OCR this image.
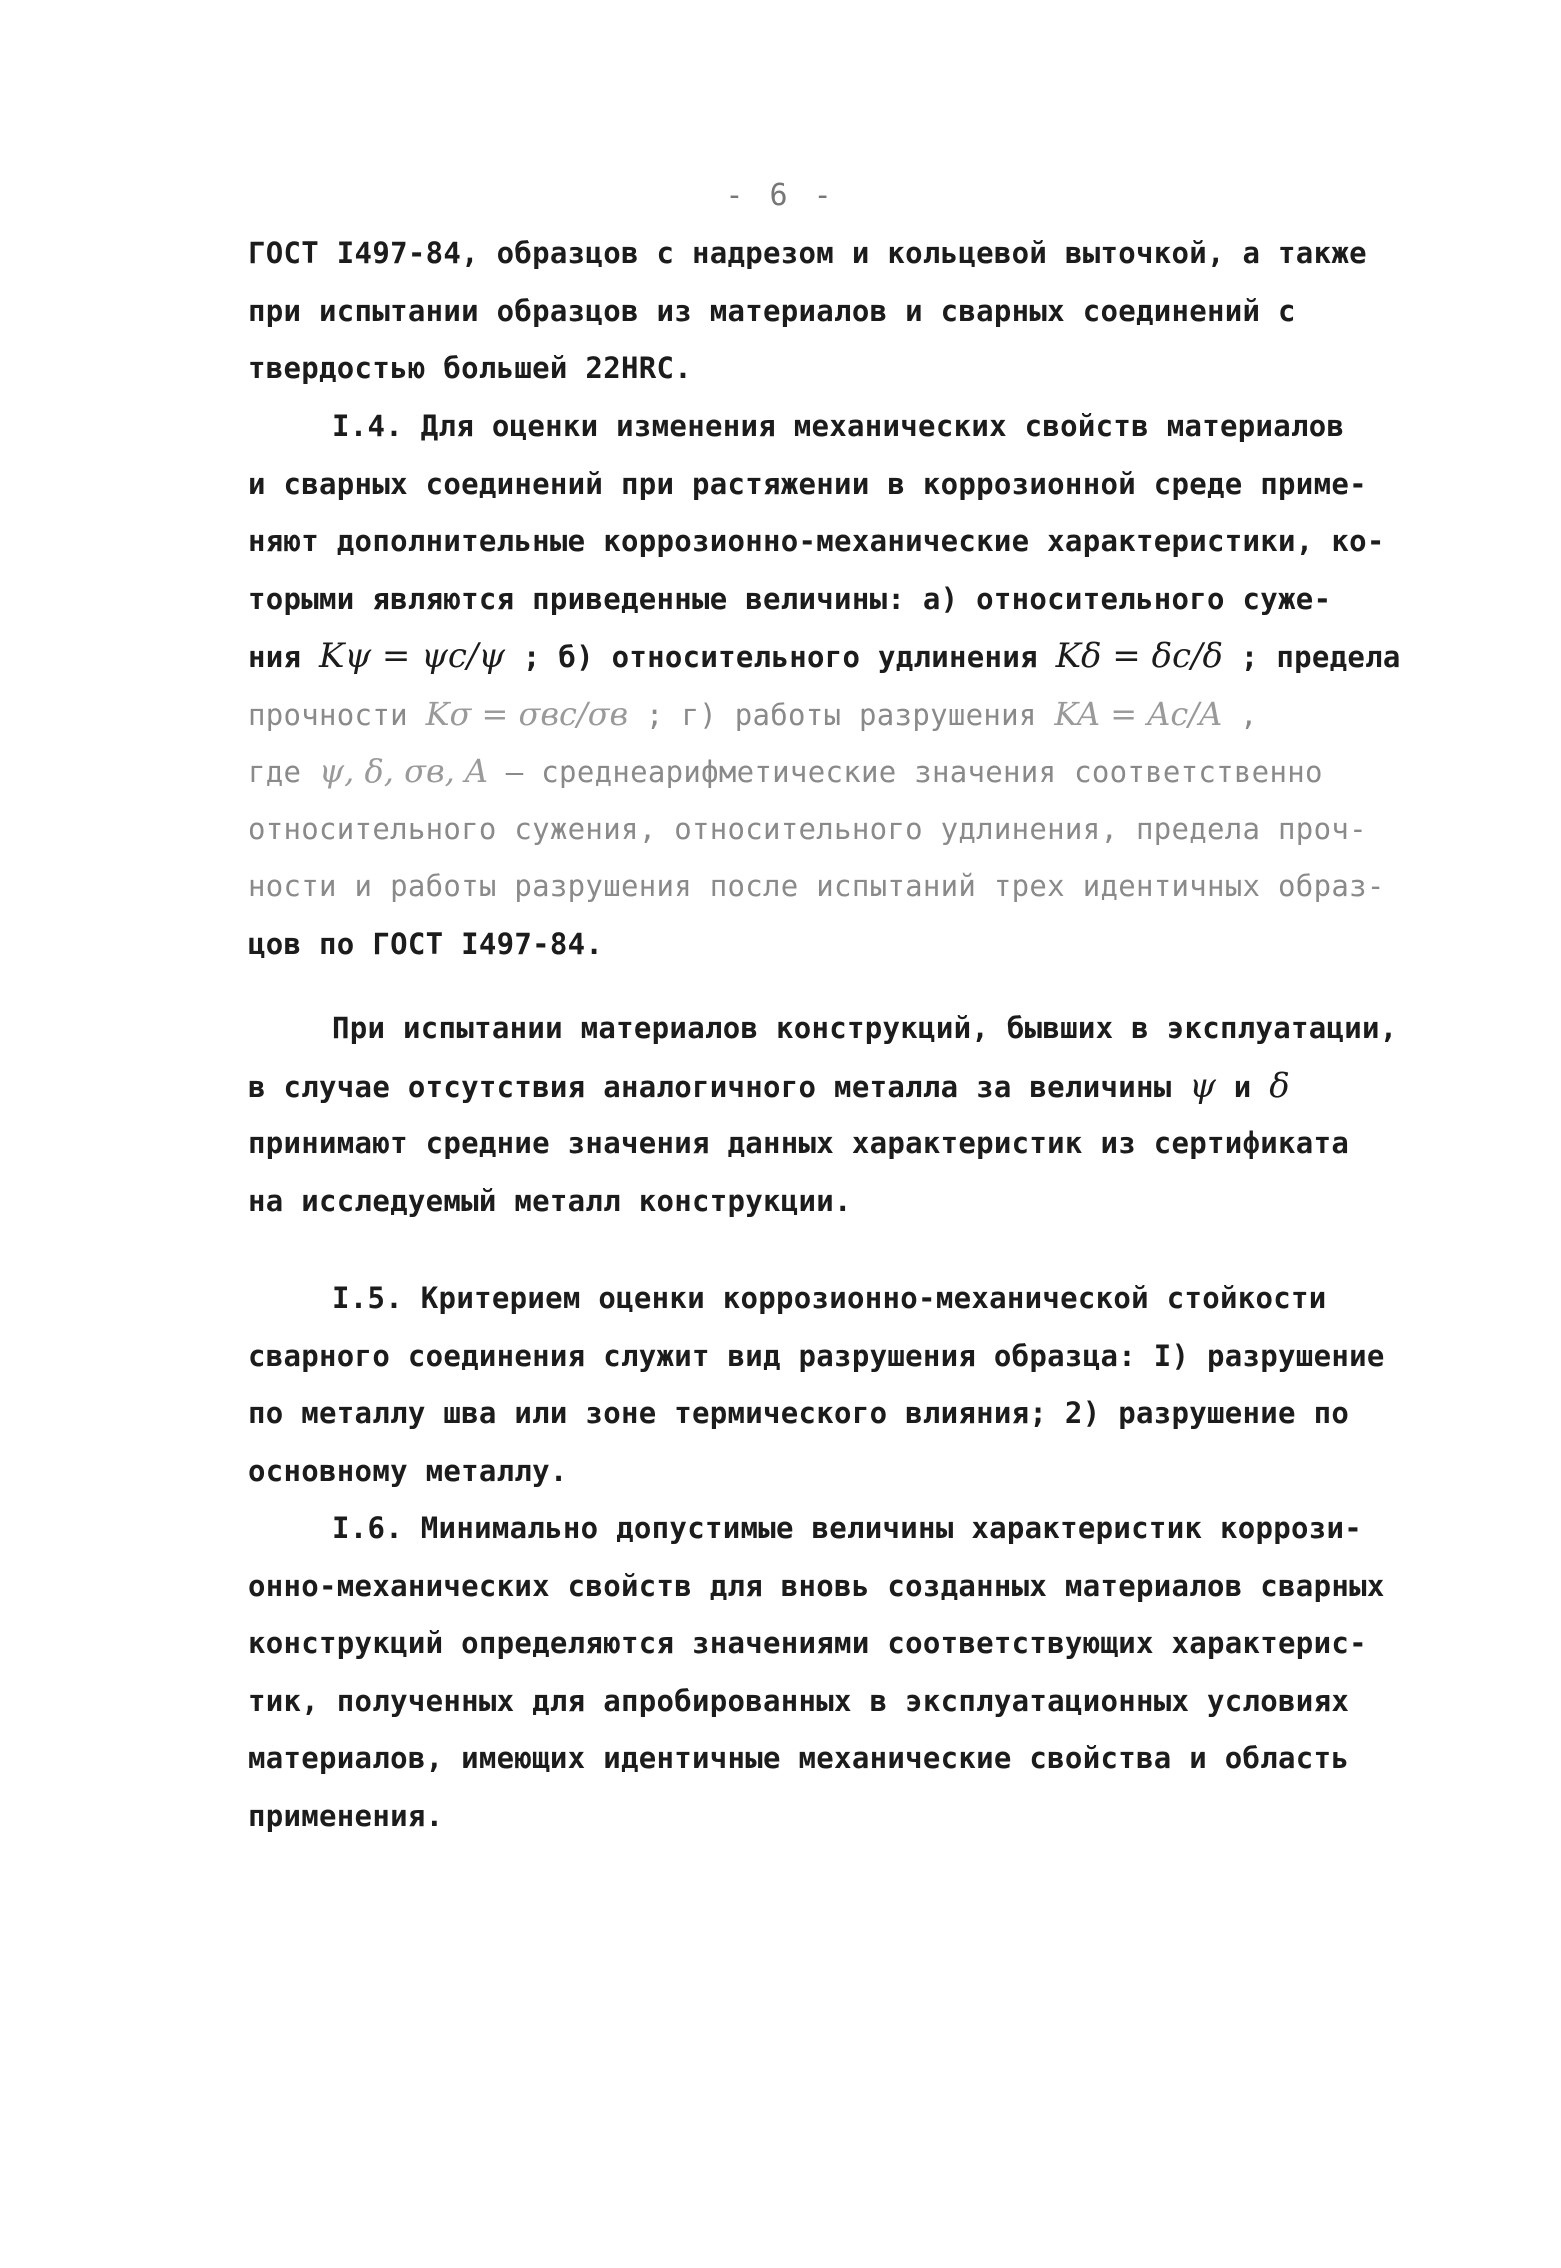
- 6 -
ГОСТ I497-84, образцов с надрезом и кольцевой выточкой, а также
при испытании образцов из материалов и сварных соединений с
твердостью большей 22HRC.
I.4. Для оценки изменения механических свойств материалов
и сварных соединений при растяжении в коррозионной среде приме-
няют дополнительные коррозионно-механические характеристики, ко-
торыми являются приведенные величины: а) относительного суже-
ния Kψ = ψc/ψ ; б) относительного удлинения Kδ = δc/δ ; предела
прочности Kσ = σвс/σв ; г) работы разрушения KA = Ac/A ,
где ψ, δ, σв, A – среднеарифметические значения соответственно
относительного сужения, относительного удлинения, предела проч-
ности и работы разрушения после испытаний трех идентичных образ-
цов по ГОСТ I497-84.
При испытании материалов конструкций, бывших в эксплуатации,
в случае отсутствия аналогичного металла за величины ψ и δ
принимают средние значения данных характеристик из сертификата
на исследуемый металл конструкции.
I.5. Критерием оценки коррозионно-механической стойкости
сварного соединения служит вид разрушения образца: I) разрушение
по металлу шва или зоне термического влияния; 2) разрушение по
основному металлу.
I.6. Минимально допустимые величины характеристик коррози-
онно-механических свойств для вновь созданных материалов сварных
конструкций определяются значениями соответствующих характерис-
тик, полученных для апробированных в эксплуатационных условиях
материалов, имеющих идентичные механические свойства и область
применения.
